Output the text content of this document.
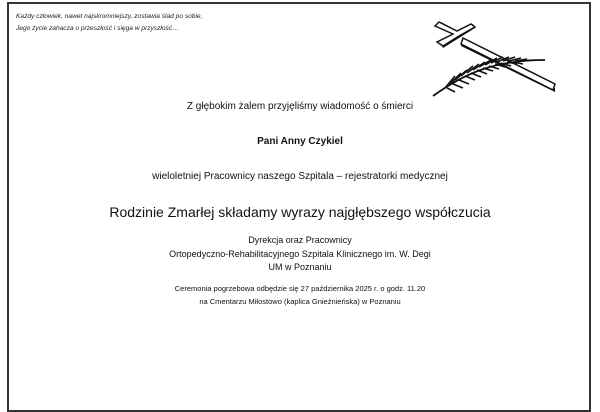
Każdy człowiek, nawet najskromniejszy, zostawia ślad po sobie,
Jego życie zahacza o przeszłość i sięga w przyszłość…
Z głębokim żalem przyjęliśmy wiadomość o śmierci
Pani Anny Czykiel
wieloletniej Pracownicy naszego Szpitala – rejestratorki medycznej
Rodzinie Zmarłej składamy wyrazy najgłębszego współczucia
Dyrekcja oraz Pracownicy
Ortopedyczno-Rehabilitacyjnego Szpitala Klinicznego im. W. Degi
UM w Poznaniu
Ceremonia pogrzebowa odbędzie się 27 października 2025 r. o godz. 11.20
na Cmentarzu Miłostowo (kaplica Gnieźnieńska) w Poznaniu
